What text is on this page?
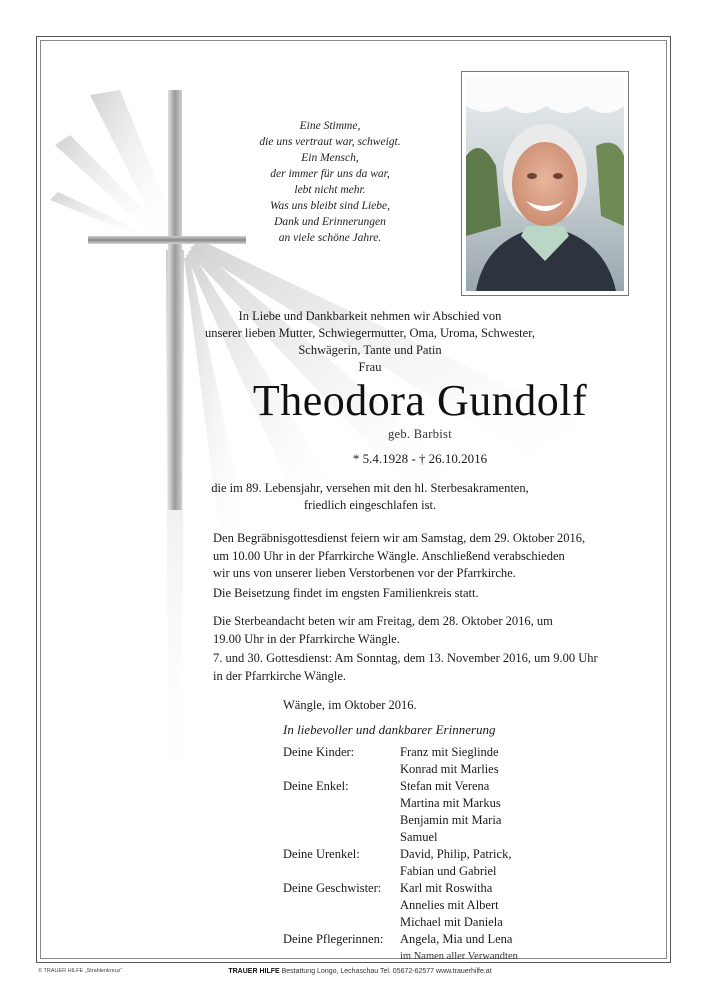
Eine Stimme,
die uns vertraut war, schweigt.
Ein Mensch,
der immer für uns da war,
lebt nicht mehr.
Was uns bleibt sind Liebe,
Dank und Erinnerungen
an viele schöne Jahre.
In Liebe und Dankbarkeit nehmen wir Abschied von
unserer lieben Mutter, Schwiegermutter, Oma, Uroma, Schwester,
Schwägerin, Tante und Patin
Frau
Theodora Gundolf
geb. Barbist
* 5.4.1928 - † 26.10.2016
die im 89. Lebensjahr, versehen mit den hl. Sterbesakramenten,
friedlich eingeschlafen ist.
Den Begräbnisgottesdienst feiern wir am Samstag, dem 29. Oktober 2016,
um 10.00 Uhr in der Pfarrkirche Wängle. Anschließend verabschieden
wir uns von unserer lieben Verstorbenen vor der Pfarrkirche.
Die Beisetzung findet im engsten Familienkreis statt.
Die Sterbeandacht beten wir am Freitag, dem 28. Oktober 2016, um
19.00 Uhr in der Pfarrkirche Wängle.
7. und 30. Gottesdienst: Am Sonntag, dem 13. November 2016, um 9.00 Uhr
in der Pfarrkirche Wängle.
Wängle, im Oktober 2016.
In liebevoller und dankbarer Erinnerung
Deine Kinder:	Franz mit Sieglinde
Konrad mit Marlies
Deine Enkel:	Stefan mit Verena
Martina mit Markus
Benjamin mit Maria
Samuel
Deine Urenkel:	David, Philip, Patrick,
Fabian und Gabriel
Deine Geschwister:	Karl mit Roswitha
Annelies mit Albert
Michael mit Daniela
Deine Pflegerinnen:	Angela, Mia und Lena
im Namen aller Verwandten
© TRAUER HILFE „Strahlenkreuz“	TRAUER HILFE Bestattung Longo, Lechaschau Tel. 05672-62577 www.trauerhilfe.at
